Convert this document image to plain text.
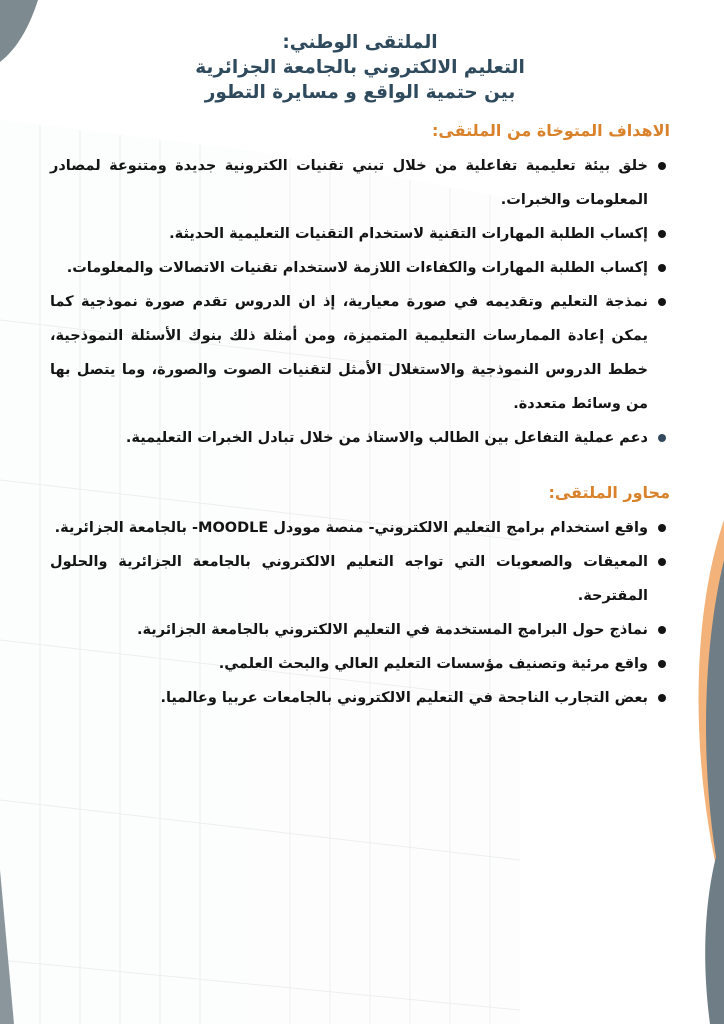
الملتقى الوطني:
التعليم الالكتروني بالجامعة الجزائرية
بين حتمية الواقع و مسايرة التطور
الاهداف المتوخاة من الملتقى:
خلق بيئة تعليمية تفاعلية من خلال تبني تقنيات الكترونية جديدة ومتنوعة لمصادر المعلومات والخبرات.
إكساب الطلبة المهارات التقنية لاستخدام التقنيات التعليمية الحديثة.
إكساب الطلبة المهارات والكفاءات اللازمة لاستخدام تقنيات الاتصالات والمعلومات.
نمذجة التعليم وتقديمه في صورة معيارية، إذ ان الدروس تقدم صورة نموذجية كما يمكن إعادة الممارسات التعليمية المتميزة، ومن أمثلة ذلك بنوك الأسئلة النموذجية، خطط الدروس النموذجية والاستغلال الأمثل لتقنيات الصوت والصورة، وما يتصل بها من وسائط متعددة.
دعم عملية التفاعل بين الطالب والاستاذ من خلال تبادل الخبرات التعليمية.
محاور الملتقى:
واقع استخدام برامج التعليم الالكتروني- منصة موودل MOODLE- بالجامعة الجزائرية.
المعيقات والصعوبات التي تواجه التعليم الالكتروني بالجامعة الجزائرية والحلول المقترحة.
نماذج حول البرامج المستخدمة في التعليم الالكتروني بالجامعة الجزائرية.
واقع مرئية وتصنيف مؤسسات التعليم العالي والبحث العلمي.
بعض التجارب الناجحة في التعليم الالكتروني بالجامعات عربيا وعالميا.
